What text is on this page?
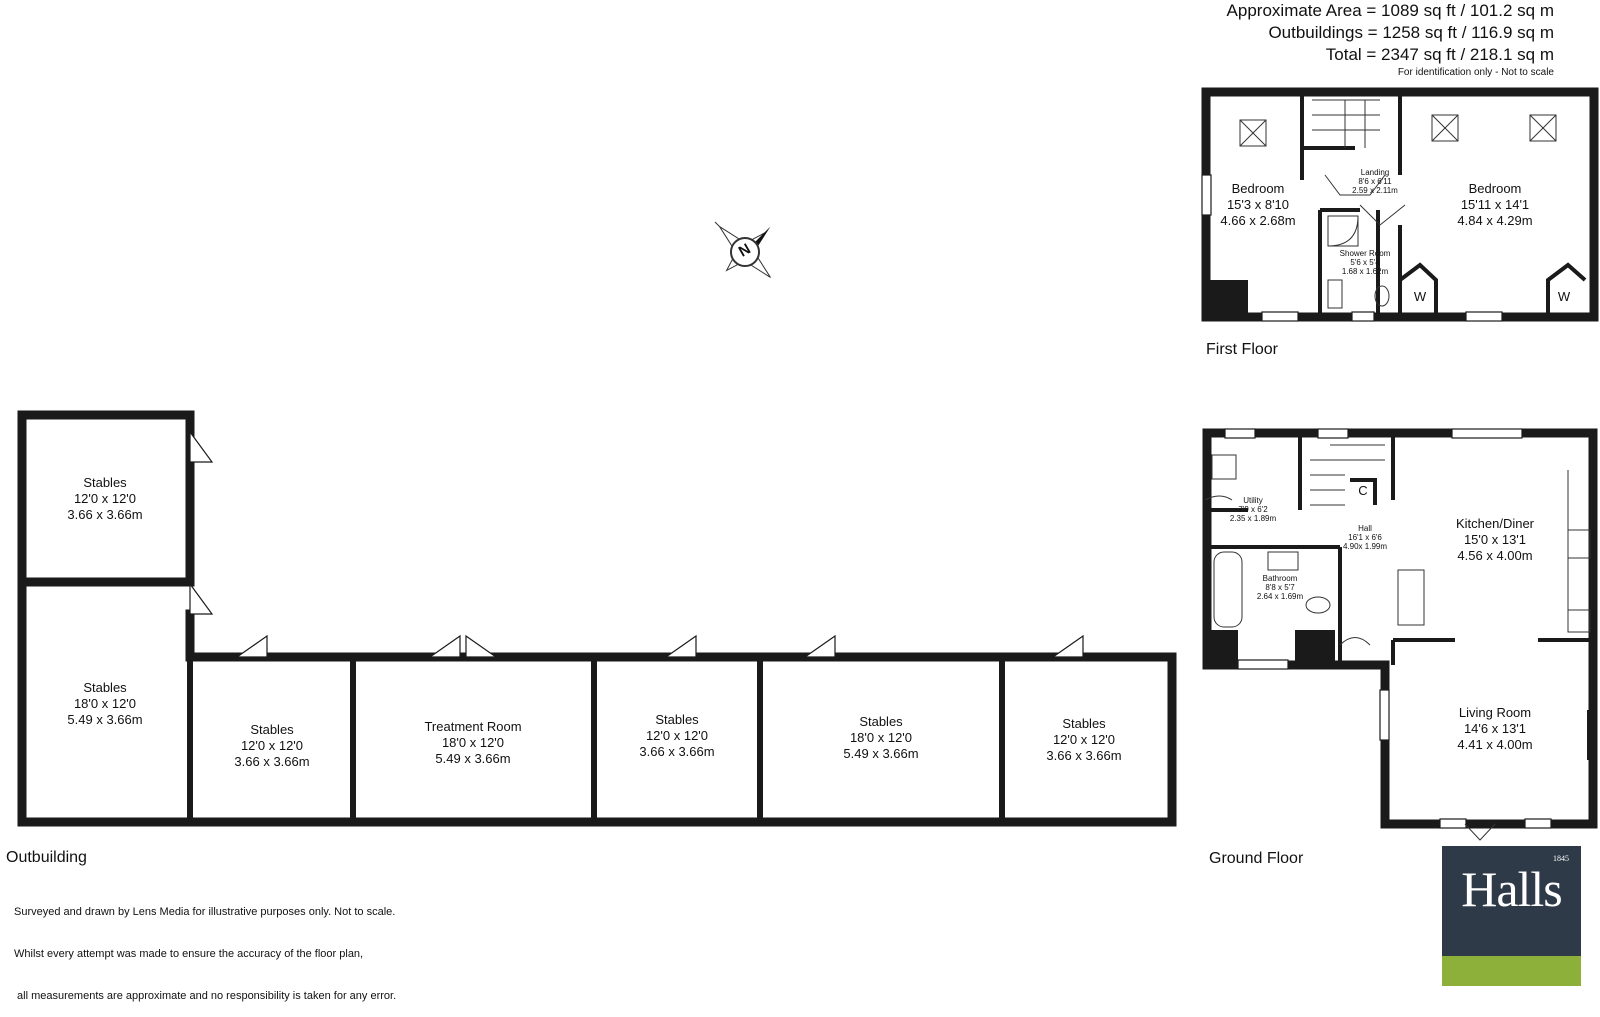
Approximate Area = 1089 sq ft / 101.2 sq m
Outbuildings = 1258 sq ft / 116.9 sq m
Total = 2347 sq ft / 218.1 sq m
For identification only - Not to scale
N
Bedroom
15'3 x 8'10
4.66 x 2.68m
Bedroom
15'11 x 14'1
4.84 x 4.29m
Landing
8'6 x 6'11
2.59 x 2.11m
Shower Room
5'6 x 5'4
1.68 x 1.62m
W	W
First Floor
Utility
7'9 x 6'2
2.35 x 1.89m
Hall
16'1 x 6'6
4.90x 1.99m
Bathroom
8'8 x 5'7
2.64 x 1.69m
Kitchen/Diner
15'0 x 13'1
4.56 x 4.00m
Living Room
14'6 x 13'1
4.41 x 4.00m
C
Ground Floor
Stables
12'0 x 12'0
3.66 x 3.66m
Stables
18'0 x 12'0
5.49 x 3.66m
Stables
12'0 x 12'0
3.66 x 3.66m
Treatment Room
18'0 x 12'0
5.49 x 3.66m
Stables
12'0 x 12'0
3.66 x 3.66m
Stables
18'0 x 12'0
5.49 x 3.66m
Stables
12'0 x 12'0
3.66 x 3.66m
Outbuilding

Surveyed and drawn by Lens Media for illustrative purposes only. Not to scale.

Whilst every attempt was made to ensure the accuracy of the floor plan,

all measurements are approximate and no responsibility is taken for any error.

1845
Halls
